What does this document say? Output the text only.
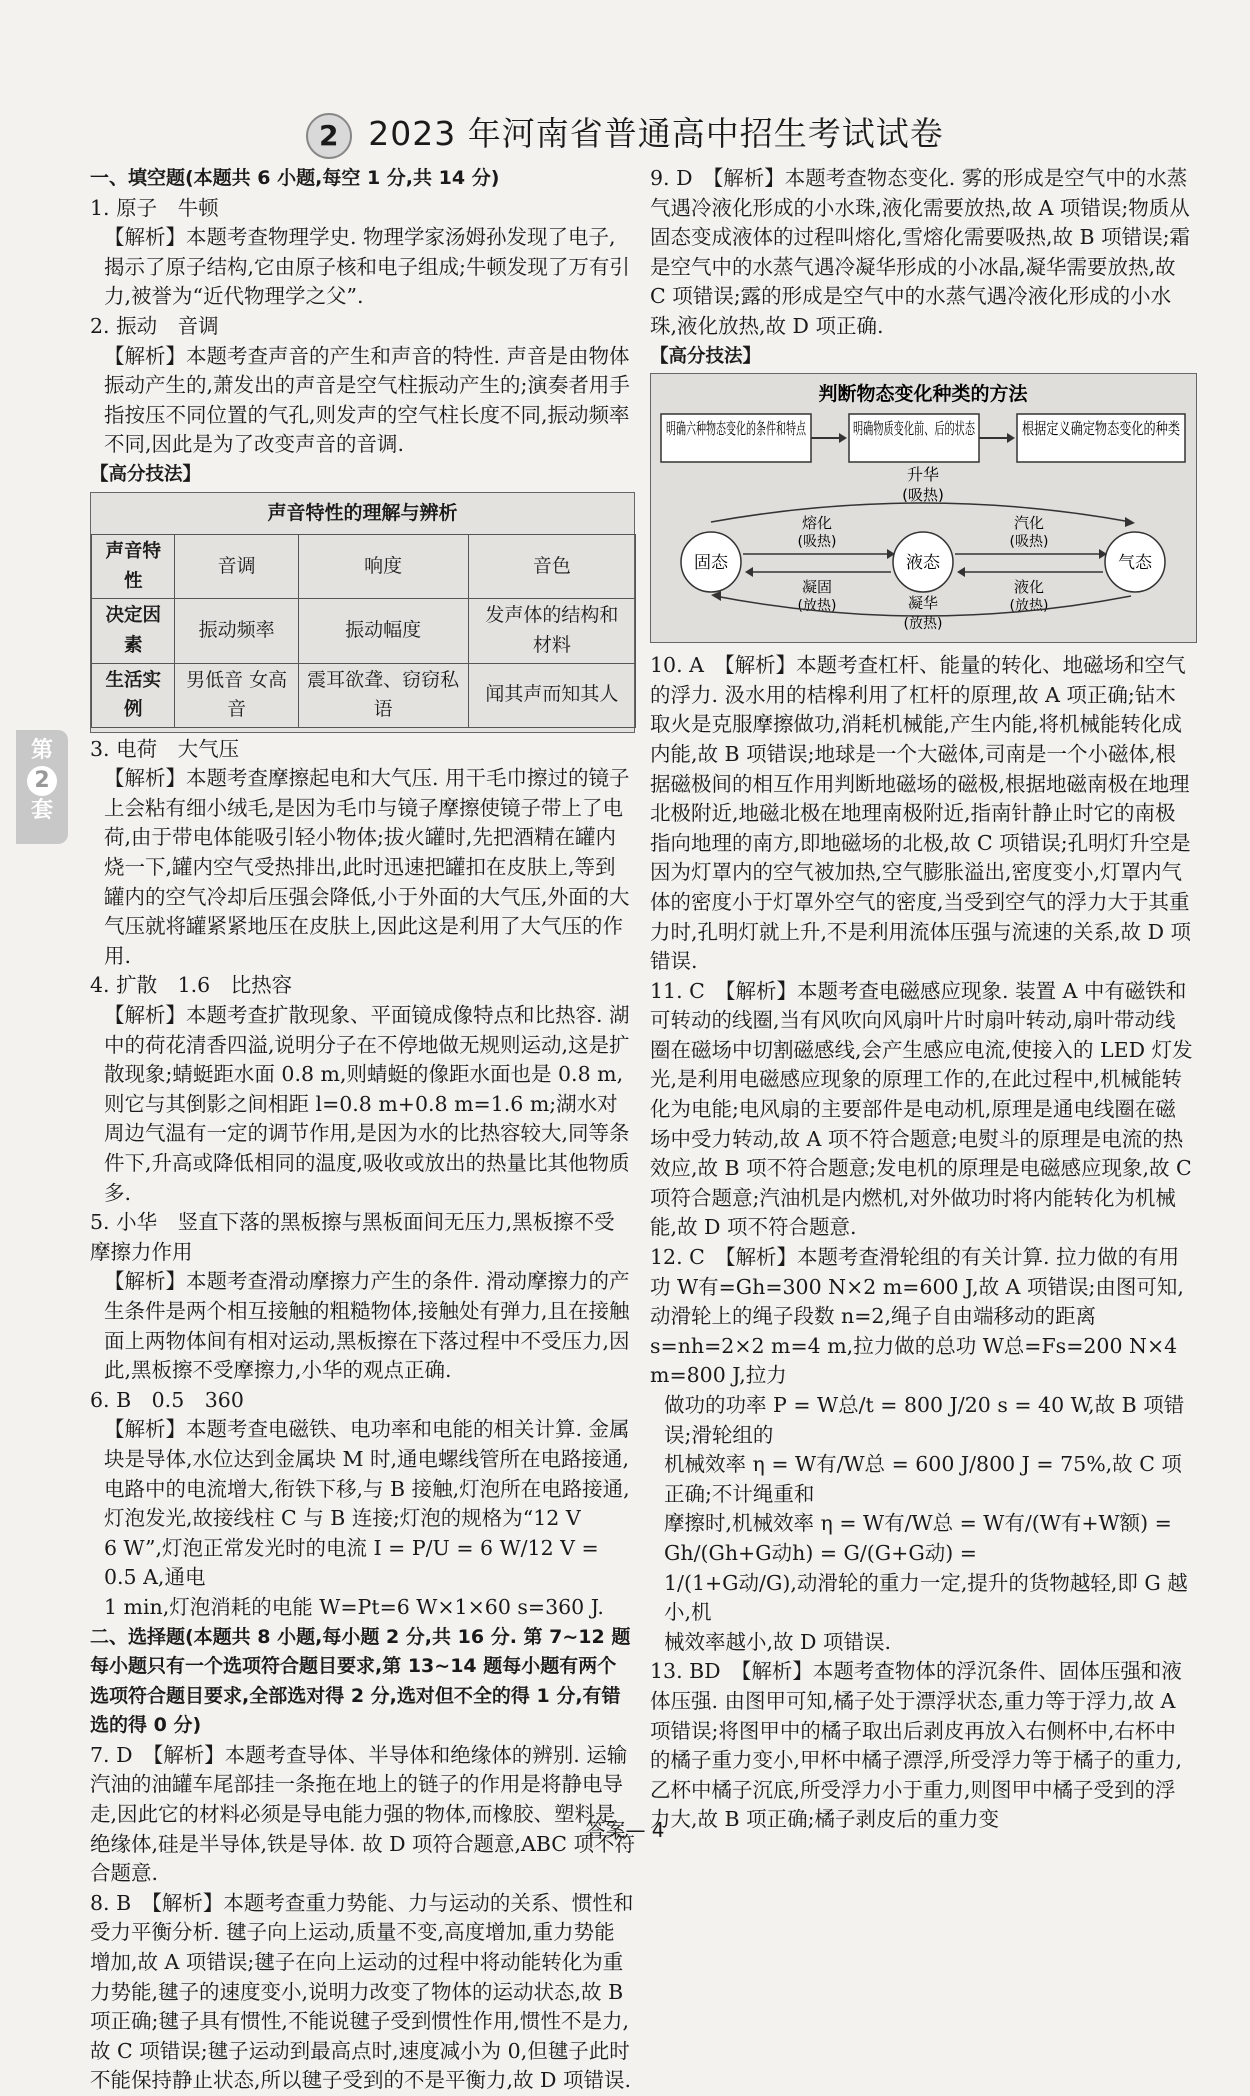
2 2023 年河南省普通高中招生考试试卷
第
2
套

一、填空题(本题共 6 小题,每空 1 分,共 14 分)

1. 原子　牛顿

【解析】本题考查物理学史. 物理学家汤姆孙发现了电子,揭示了原子结构,它由原子核和电子组成;牛顿发现了万有引力,被誉为“近代物理学之父”.

2. 振动　音调

【解析】本题考查声音的产生和声音的特性. 声音是由物体振动产生的,萧发出的声音是空气柱振动产生的;演奏者用手指按压不同位置的气孔,则发声的空气柱长度不同,振动频率不同,因此是为了改变声音的音调.

【高分技法】

声音特性的理解与辨析
声音特性	音调	响度	音色
决定因素	振动频率	振动幅度	发声体的结构和材料
生活实例	男低音 女高音	震耳欲聋、窃窃私语	闻其声而知其人

3. 电荷　大气压

【解析】本题考查摩擦起电和大气压. 用干毛巾擦过的镜子上会粘有细小绒毛,是因为毛巾与镜子摩擦使镜子带上了电荷,由于带电体能吸引轻小物体;拔火罐时,先把酒精在罐内烧一下,罐内空气受热排出,此时迅速把罐扣在皮肤上,等到罐内的空气冷却后压强会降低,小于外面的大气压,外面的大气压就将罐紧紧地压在皮肤上,因此这是利用了大气压的作用.

4. 扩散　1.6　比热容

【解析】本题考查扩散现象、平面镜成像特点和比热容. 湖中的荷花清香四溢,说明分子在不停地做无规则运动,这是扩散现象;蜻蜓距水面 0.8 m,则蜻蜓的像距水面也是 0.8 m,则它与其倒影之间相距 l=0.8 m+0.8 m=1.6 m;湖水对周边气温有一定的调节作用,是因为水的比热容较大,同等条件下,升高或降低相同的温度,吸收或放出的热量比其他物质多.

5. 小华　竖直下落的黑板擦与黑板面间无压力,黑板擦不受摩擦力作用

【解析】本题考查滑动摩擦力产生的条件. 滑动摩擦力的产生条件是两个相互接触的粗糙物体,接触处有弹力,且在接触面上两物体间有相对运动,黑板擦在下落过程中不受压力,因此,黑板擦不受摩擦力,小华的观点正确.

6. B　0.5　360

【解析】本题考查电磁铁、电功率和电能的相关计算. 金属块是导体,水位达到金属块 M 时,通电螺线管所在电路接通,电路中的电流增大,衔铁下移,与 B 接触,灯泡所在电路接通,灯泡发光,故接线柱 C 与 B 连接;灯泡的规格为“12 V

6 W”,灯泡正常发光时的电流 I = P/U = 6 W/12 V = 0.5 A,通电

1 min,灯泡消耗的电能 W=Pt=6 W×1×60 s=360 J.

二、选择题(本题共 8 小题,每小题 2 分,共 16 分. 第 7~12 题每小题只有一个选项符合题目要求,第 13~14 题每小题有两个选项符合题目要求,全部选对得 2 分,选对但不全的得 1 分,有错选的得 0 分)

7. D　【解析】本题考查导体、半导体和绝缘体的辨别. 运输汽油的油罐车尾部挂一条拖在地上的链子的作用是将静电导走,因此它的材料必须是导电能力强的物体,而橡胶、塑料是绝缘体,硅是半导体,铁是导体. 故 D 项符合题意,ABC 项不符合题意.

8. B　【解析】本题考查重力势能、力与运动的关系、惯性和受力平衡分析. 毽子向上运动,质量不变,高度增加,重力势能增加,故 A 项错误;毽子在向上运动的过程中将动能转化为重力势能,毽子的速度变小,说明力改变了物体的运动状态,故 B 项正确;毽子具有惯性,不能说毽子受到惯性作用,惯性不是力,故 C 项错误;毽子运动到最高点时,速度减小为 0,但毽子此时不能保持静止状态,所以毽子受到的不是平衡力,故 D 项错误.

9. D　【解析】本题考查物态变化. 雾的形成是空气中的水蒸气遇冷液化形成的小水珠,液化需要放热,故 A 项错误;物质从固态变成液体的过程叫熔化,雪熔化需要吸热,故 B 项错误;霜是空气中的水蒸气遇冷凝华形成的小冰晶,凝华需要放热,故 C 项错误;露的形成是空气中的水蒸气遇冷液化形成的小水珠,液化放热,故 D 项正确.

【高分技法】

判断物态变化种类的方法
明确六种物态变化的条件和特点	明确物质变化前、后的状态	根据定义确定物态变化的种类
升华
(吸热)
固态	液态	气态
熔化
(吸热)
汽化
(吸热)
凝固
(放热)
液化
(放热)
凝华
(放热)

10. A　【解析】本题考查杠杆、能量的转化、地磁场和空气的浮力. 汲水用的桔槔利用了杠杆的原理,故 A 项正确;钻木取火是克服摩擦做功,消耗机械能,产生内能,将机械能转化成内能,故 B 项错误;地球是一个大磁体,司南是一个小磁体,根据磁极间的相互作用判断地磁场的磁极,根据地磁南极在地理北极附近,地磁北极在地理南极附近,指南针静止时它的南极指向地理的南方,即地磁场的北极,故 C 项错误;孔明灯升空是因为灯罩内的空气被加热,空气膨胀溢出,密度变小,灯罩内气体的密度小于灯罩外空气的密度,当受到空气的浮力大于其重力时,孔明灯就上升,不是利用流体压强与流速的关系,故 D 项错误.

11. C　【解析】本题考查电磁感应现象. 装置 A 中有磁铁和可转动的线圈,当有风吹向风扇叶片时扇叶转动,扇叶带动线圈在磁场中切割磁感线,会产生感应电流,使接入的 LED 灯发光,是利用电磁感应现象的原理工作的,在此过程中,机械能转化为电能;电风扇的主要部件是电动机,原理是通电线圈在磁场中受力转动,故 A 项不符合题意;电熨斗的原理是电流的热效应,故 B 项不符合题意;发电机的原理是电磁感应现象,故 C 项符合题意;汽油机是内燃机,对外做功时将内能转化为机械能,故 D 项不符合题意.

12. C　【解析】本题考查滑轮组的有关计算. 拉力做的有用功 W有=Gh=300 N×2 m=600 J,故 A 项错误;由图可知,动滑轮上的绳子段数 n=2,绳子自由端移动的距离 s=nh=2×2 m=4 m,拉力做的总功 W总=Fs=200 N×4 m=800 J,拉力

做功的功率 P = W总/t = 800 J/20 s = 40 W,故 B 项错误;滑轮组的

机械效率 η = W有/W总 = 600 J/800 J = 75%,故 C 项正确;不计绳重和

摩擦时,机械效率 η = W有/W总 = W有/(W有+W额) = Gh/(Gh+G动h) = G/(G+G动) =

1/(1+G动/G),动滑轮的重力一定,提升的货物越轻,即 G 越小,机

械效率越小,故 D 项错误.

13. BD　【解析】本题考查物体的浮沉条件、固体压强和液体压强. 由图甲可知,橘子处于漂浮状态,重力等于浮力,故 A 项错误;将图甲中的橘子取出后剥皮再放入右侧杯中,右杯中的橘子重力变小,甲杯中橘子漂浮,所受浮力等于橘子的重力,乙杯中橘子沉底,所受浮力小于重力,则图甲中橘子受到的浮力大,故 B 项正确;橘子剥皮后的重力变

答案— 4
